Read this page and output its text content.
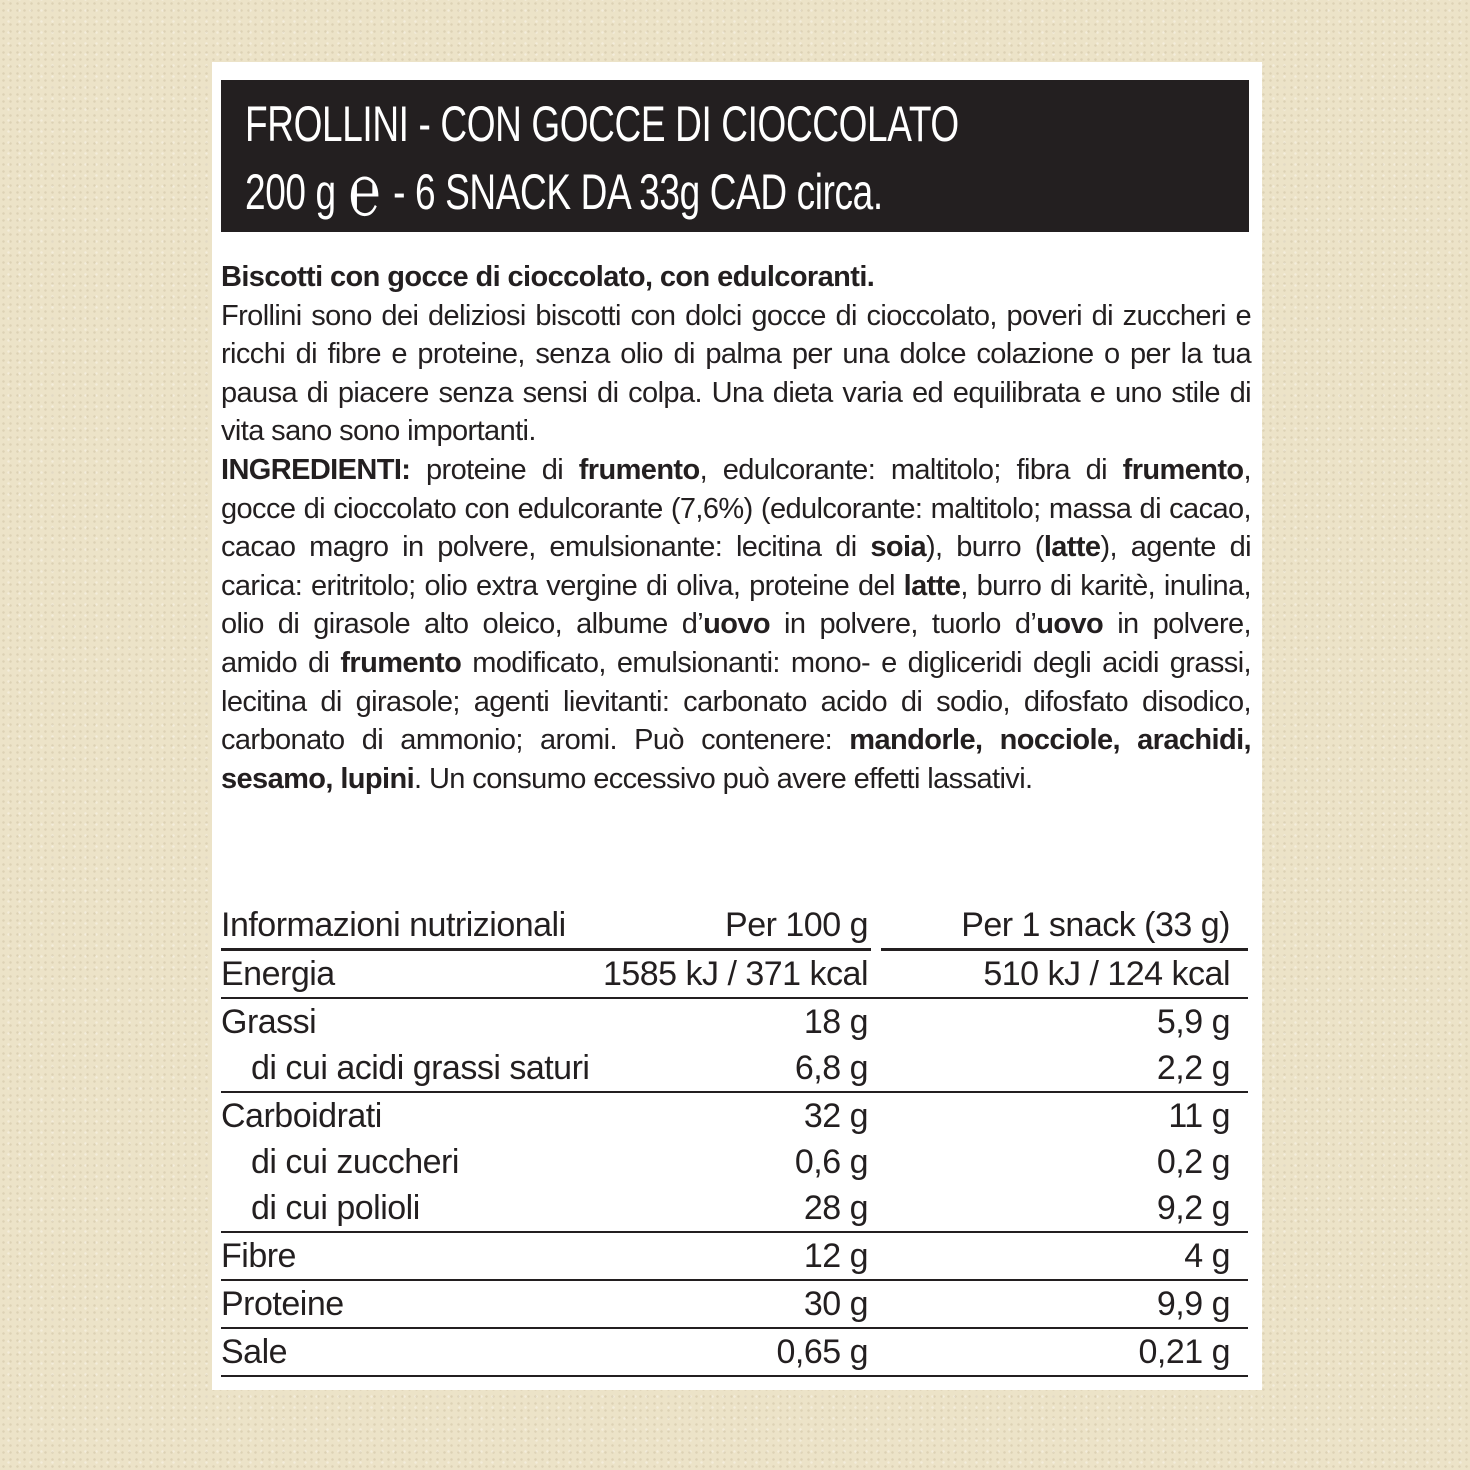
FROLLINI - CON GOCCE DI CIOCCOLATO
200 g ℮ - 6 SNACK DA 33g CAD circa.

Biscotti con gocce di cioccolato, con edulcoranti.

Frollini sono dei deliziosi biscotti con dolci gocce di cioccolato, poveri di zuccheri e ricchi di fibre e proteine, senza olio di palma per una dolce colazione o per la tua pausa di piacere senza sensi di colpa. Una dieta varia ed equilibrata e uno stile di vita sano sono importanti.

INGREDIENTI: proteine di frumento, edulcorante: maltitolo; fibra di frumento, gocce di cioccolato con edulcorante (7,6%) (edulcorante: maltitolo; massa di cacao, cacao magro in polvere, emulsionante: lecitina di soia), burro (latte), agente di carica: eritritolo; olio extra vergine di oliva, proteine del latte, burro di karitè, inulina, olio di girasole alto oleico, albume d’uovo in polvere, tuorlo d’uovo in polvere, amido di frumento modificato, emulsionanti: mono- e digliceridi degli acidi grassi, lecitina di girasole; agenti lievitanti: carbonato acido di sodio, difosfato disodico, carbonato di ammonio; aromi. Può contenere: mandorle, nocciole, arachidi, sesamo, lupini. Un consumo eccessivo può avere effetti lassativi.

Informazioni nutrizionali	Per 100 g	Per 1 snack (33 g)
Energia	1585 kJ / 371 kcal	510 kJ / 124 kcal
Grassi	18 g	5,9 g
di cui acidi grassi saturi	6,8 g	2,2 g
Carboidrati	32 g	11 g
di cui zuccheri	0,6 g	0,2 g
di cui polioli	28 g	9,2 g
Fibre	12 g	4 g
Proteine	30 g	9,9 g
Sale	0,65 g	0,21 g
